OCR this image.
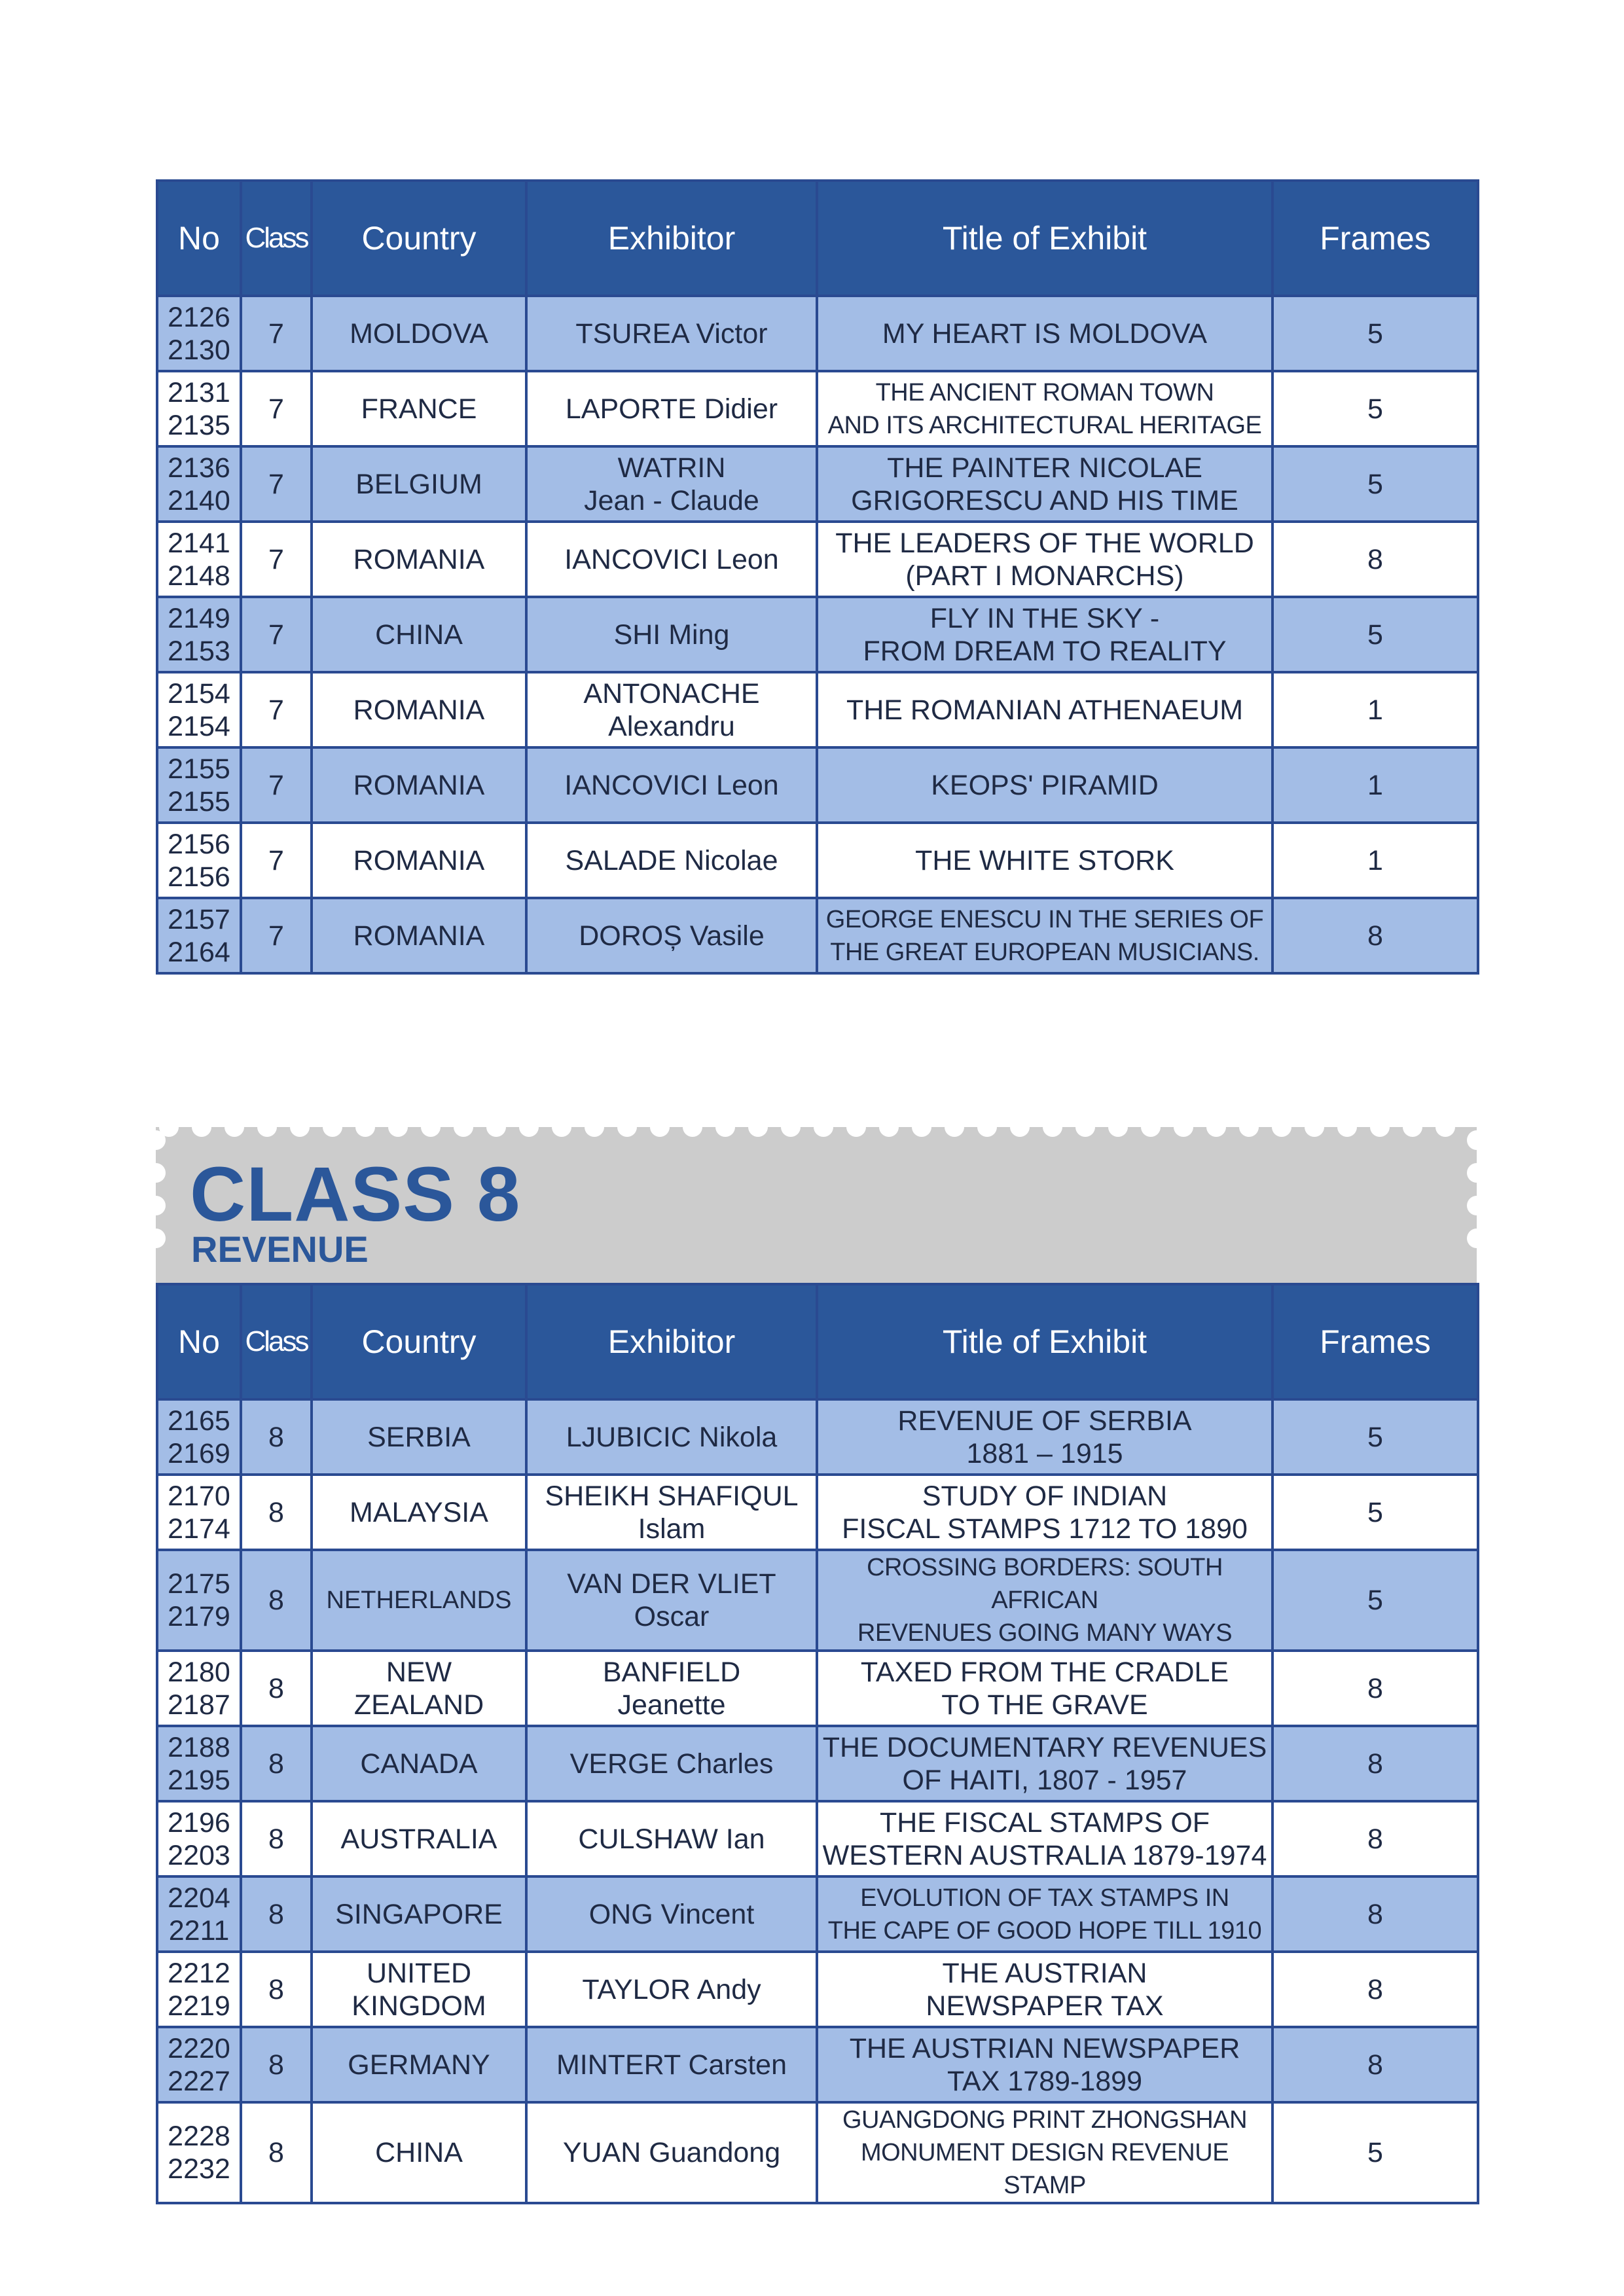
No	Class	Country	Exhibitor	Title of Exhibit	Frames

2126
2130	7	MOLDOVA	TSUREA Victor	MY HEART IS MOLDOVA	5

2131
2135	7	FRANCE	LAPORTE Didier	THE ANCIENT ROMAN TOWN
AND ITS ARCHITECTURAL HERITAGE	5

2136
2140	7	BELGIUM	WATRIN
Jean - Claude	THE PAINTER NICOLAE
GRIGORESCU AND HIS TIME	5

2141
2148	7	ROMANIA	IANCOVICI Leon	THE LEADERS OF THE WORLD
(PART I MONARCHS)	8

2149
2153	7	CHINA	SHI Ming	FLY IN THE SKY -
FROM DREAM TO REALITY	5

2154
2154	7	ROMANIA	ANTONACHE
Alexandru	THE ROMANIAN ATHENAEUM	1

2155
2155	7	ROMANIA	IANCOVICI Leon	KEOPS' PIRAMID	1

2156
2156	7	ROMANIA	SALADE Nicolae	THE WHITE STORK	1

2157
2164	7	ROMANIA	DOROȘ Vasile	GEORGE ENESCU IN THE SERIES OF
THE GREAT EUROPEAN MUSICIANS.	8
CLASS 8
REVENUE
No	Class	Country	Exhibitor	Title of Exhibit	Frames

2165
2169	8	SERBIA	LJUBICIC Nikola	REVENUE OF SERBIA
1881 – 1915	5

2170
2174	8	MALAYSIA	SHEIKH SHAFIQUL
Islam	STUDY OF INDIAN
FISCAL STAMPS 1712 TO 1890	5

2175
2179	8	NETHERLANDS	VAN DER VLIET
Oscar	CROSSING BORDERS: SOUTH AFRICAN
REVENUES GOING MANY WAYS	5

2180
2187	8	NEW
ZEALAND	BANFIELD
Jeanette	TAXED FROM THE CRADLE
TO THE GRAVE	8

2188
2195	8	CANADA	VERGE Charles	THE DOCUMENTARY REVENUES
OF HAITI, 1807 - 1957	8

2196
2203	8	AUSTRALIA	CULSHAW Ian	THE FISCAL STAMPS OF
WESTERN AUSTRALIA 1879-1974	8

2204
2211	8	SINGAPORE	ONG Vincent	EVOLUTION OF TAX STAMPS IN
THE CAPE OF GOOD HOPE TILL 1910	8

2212
2219	8	UNITED
KINGDOM	TAYLOR Andy	THE AUSTRIAN
NEWSPAPER TAX	8

2220
2227	8	GERMANY	MINTERT Carsten	THE AUSTRIAN NEWSPAPER
TAX 1789-1899	8

2228
2232	8	CHINA	YUAN Guandong	GUANGDONG PRINT ZHONGSHAN
MONUMENT DESIGN REVENUE STAMP	5
